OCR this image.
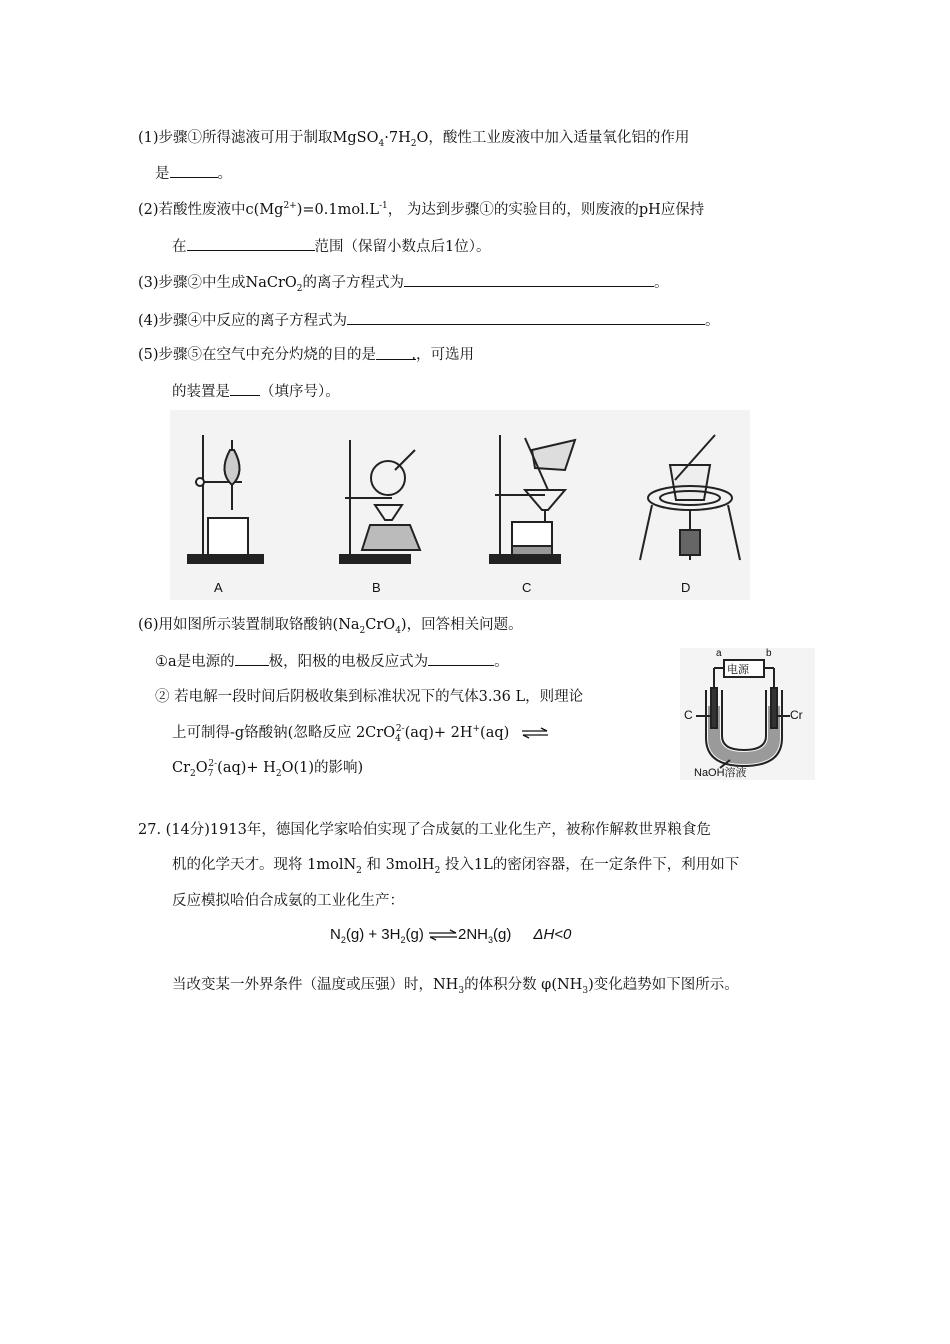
(1)步骤①所得滤液可用于制取$MgSO_4\cdot 7H_2O$，酸性工业废液中加入适量氧化铝的作用
是	。
(2)若酸性废液中$c(Mg^{2+})=0.1mol.L^{-1}$， 为达到步骤①的实验目的，则废液的pH应保持
在	范围（保留小数点后1位）。
(3)步骤②中生成NaCrO$_2$的离子方程式为	。
(4)步骤④中反应的离子方程式为	。
(5)步骤⑤在空气中充分灼烧的目的是 .，可选用
的装置是 （填序号）。
A	B	C	D
(6)用如图所示装置制取铬酸钠$(Na_2CrO_4)$，回答相关问题。
①a是电源的 极，阳极的电极反应式为	。
② 若电解一段时间后阴极收集到标准状况下的气体3.36 L，则理论
上可制得-g铬酸钠(忽略反应 2CrO$_4^{2-}$(aq)+ 2H+(aq) ⇌
$Cr_2O_7^{2-}(aq)+ H_2O(1)$的影响)
a	b
电源
C	Cr
NaOH溶液
27. (14分)1913年，德国化学家哈伯实现了合成氨的工业化生产，被称作解救世界粮食危
机的化学天才。现将 1molN$_2$ 和 3molH$_2$ 投入1L的密闭容器，在一定条件下，利用如下
反应模拟哈伯合成氨的工业化生产：
$N_2(g) + 3H_2(g)$ $\rightleftharpoons 2NH_3(g)$ ΔH<0
当改变某一外界条件（温度或压强）时，$NH_3$的体积分数 $\varphi(NH_3)$变化趋势如下图所示。
